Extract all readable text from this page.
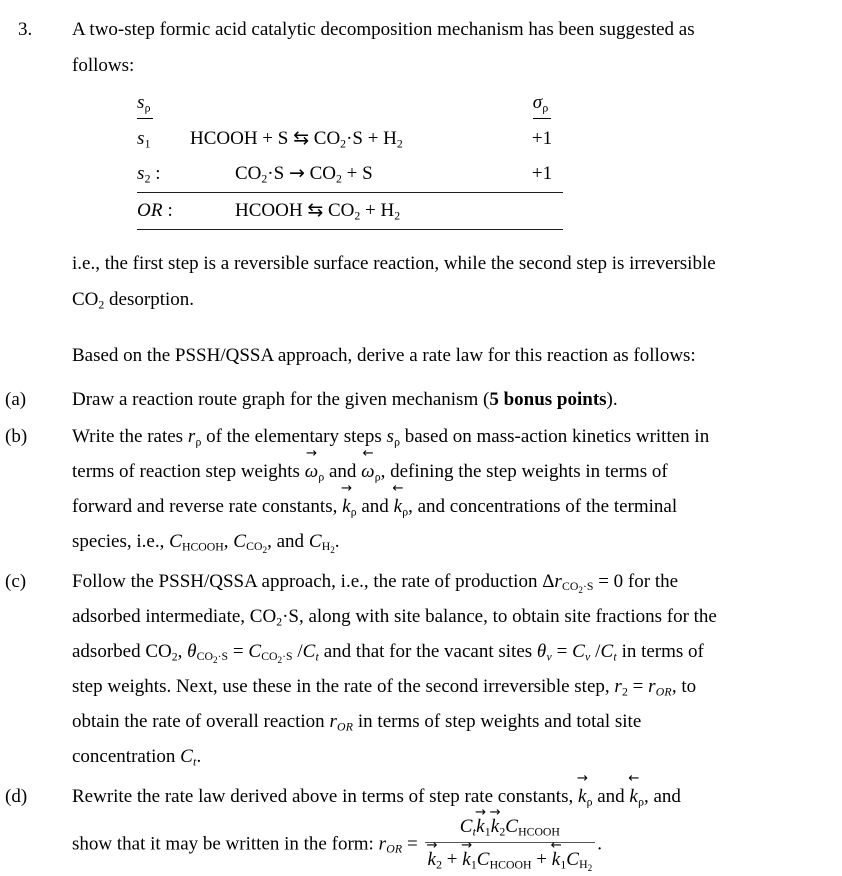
3.	A two-step formic acid catalytic decomposition mechanism has been suggested as
follows:
$s_\rho$	$\sigma_\rho$
$s_1$	HCOOH + S ⇆ $CO_2\cdot S + H_2$	+1
$s_2$ :	$CO_2\cdot S \to CO_2 + S$	+1
OR :	HCOOH ⇆ $CO_2 + H_2$
i.e., the first step is a reversible surface reaction, while the second step is irreversible
$CO_2$ desorption.
Based on the PSSH/QSSA approach, derive a rate law for this reaction as follows:
(a)	Draw a reaction route graph for the given mechanism (5 bonus points).
(b)	Write the rates $r_\rho$ of the elementary steps $s_\rho$ based on mass-action kinetics written in
terms of reaction step weights
→
$\omega_\rho$ and
←
$\omega_\rho$, defining the step weights in terms of
forward and reverse rate constants,
→
$k_\rho$ and
←
$k_\rho$, and concentrations of the terminal
species, i.e., $C_{HCOOH}$, $C_{CO_2}$, and $C_{H_2}$.
(c)	Follow the PSSH/QSSA approach, i.e., the rate of production $\Delta r_{CO_2\cdot S} = 0$ for the
adsorbed intermediate, $CO_2\cdot S$, along with site balance, to obtain site fractions for the
adsorbed $CO_2$, $\theta_{CO_2\cdot S} = C_{CO_2\cdot S}$ $/C_t$ and that for the vacant sites $\theta_v = C_v$ $/C_t$ in terms of
step weights. Next, use these in the rate of the second irreversible step, $r_2 = r_{OR}$, to
obtain the rate of overall reaction $r_{OR}$ in terms of step weights and total site
concentration $C_t$.
(d)	Rewrite the rate law derived above in terms of step rate constants,
→
$k_\rho$ and
←
$k_\rho$, and
show that it may be written in the form: $r_{OR} = C_t$
→
$k_1$
→
$k_2C_{HCOOH}$
→
$k_2$ +
→
$k_1C_{HCOOH}$ +
←
$k_1C_{H_2}$ .
